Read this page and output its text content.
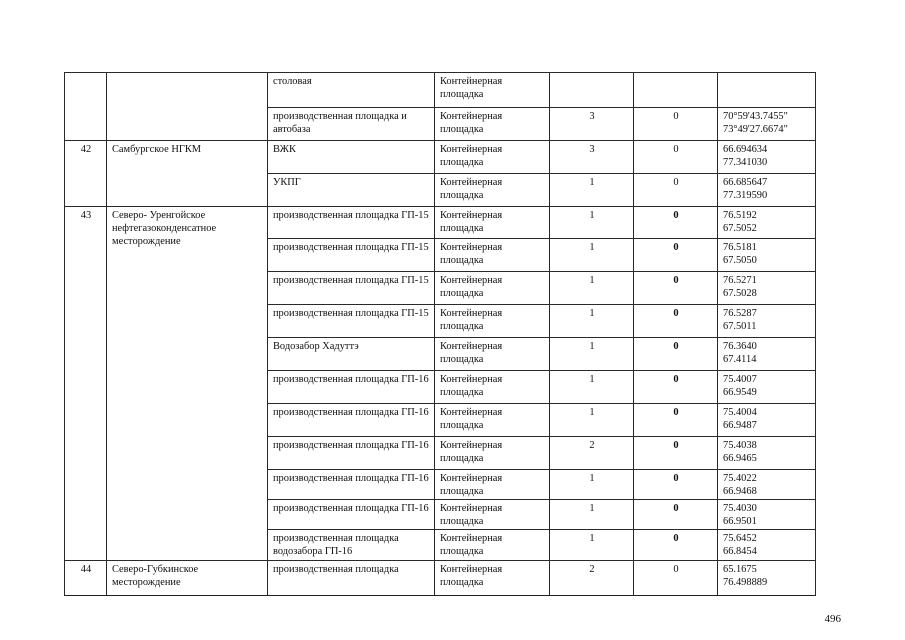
		столовая	Контейнерная площадка			
		производственная площадка и автобаза	Контейнерная площадка	3	0	70°59'43.7455"
73°49'27.6674"
42	Самбургское НГКМ	ВЖК	Контейнерная площадка	3	0	66.694634
77.341030
		УКПГ	Контейнерная площадка	1	0	66.685647
77.319590
43	Северо- Уренгойское нефтегазоконденсатное месторождение	производственная площадка ГП-15	Контейнерная площадка	1	0	76.5192
67.5052
		производственная площадка ГП-15	Контейнерная площадка	1	0	76.5181
67.5050
		производственная площадка ГП-15	Контейнерная площадка	1	0	76.5271
67.5028
		производственная площадка ГП-15	Контейнерная площадка	1	0	76.5287
67.5011
		Водозабор Хадуттэ	Контейнерная площадка	1	0	76.3640
67.4114
		производственная площадка ГП-16	Контейнерная площадка	1	0	75.4007
66.9549
		производственная площадка ГП-16	Контейнерная площадка	1	0	75.4004
66.9487
		производственная площадка ГП-16	Контейнерная площадка	2	0	75.4038
66.9465
		производственная площадка ГП-16	Контейнерная площадка	1	0	75.4022
66.9468
		производственная площадка ГП-16	Контейнерная площадка	1	0	75.4030
66.9501
		производственная площадка водозабора ГП-16	Контейнерная площадка	1	0	75.6452
66.8454
44	Северо-Губкинское месторождение	производственная площадка	Контейнерная площадка	2	0	65.1675
76.498889
496
